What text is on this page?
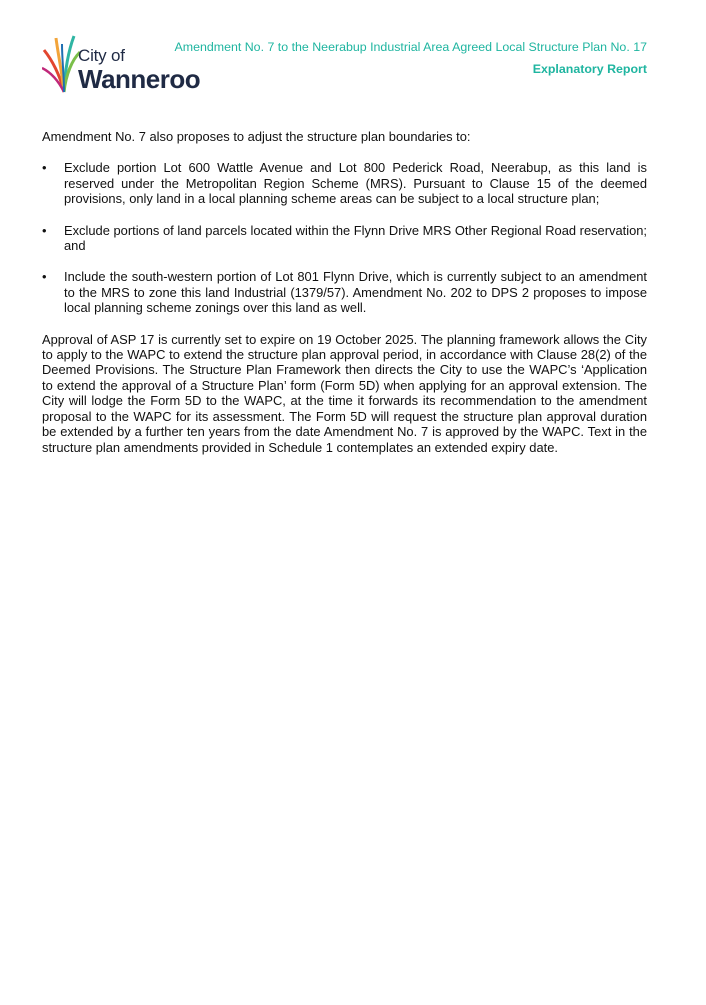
City of
Wanneroo
Amendment No. 7 to the Neerabup Industrial Area Agreed Local Structure Plan No. 17
Explanatory Report

Amendment No. 7 also proposes to adjust the structure plan boundaries to:

• Exclude portion Lot 600 Wattle Avenue and Lot 800 Pederick Road, Neerabup, as this land is reserved under the Metropolitan Region Scheme (MRS). Pursuant to Clause 15 of the deemed provisions, only land in a local planning scheme areas can be subject to a local structure plan;
• Exclude portions of land parcels located within the Flynn Drive MRS Other Regional Road reservation; and
• Include the south-western portion of Lot 801 Flynn Drive, which is currently subject to an amendment to the MRS to zone this land Industrial (1379/57). Amendment No. 202 to DPS 2 proposes to impose local planning scheme zonings over this land as well.

Approval of ASP 17 is currently set to expire on 19 October 2025. The planning framework allows the City to apply to the WAPC to extend the structure plan approval period, in accordance with Clause 28(2) of the Deemed Provisions. The Structure Plan Framework then directs the City to use the WAPC’s ‘Application to extend the approval of a Structure Plan’ form (Form 5D) when applying for an approval extension. The City will lodge the Form 5D to the WAPC, at the time it forwards its recommendation to the amendment proposal to the WAPC for its assessment. The Form 5D will request the structure plan approval duration be extended by a further ten years from the date Amendment No. 7 is approved by the WAPC. Text in the structure plan amendments provided in Schedule 1 contemplates an extended expiry date.
